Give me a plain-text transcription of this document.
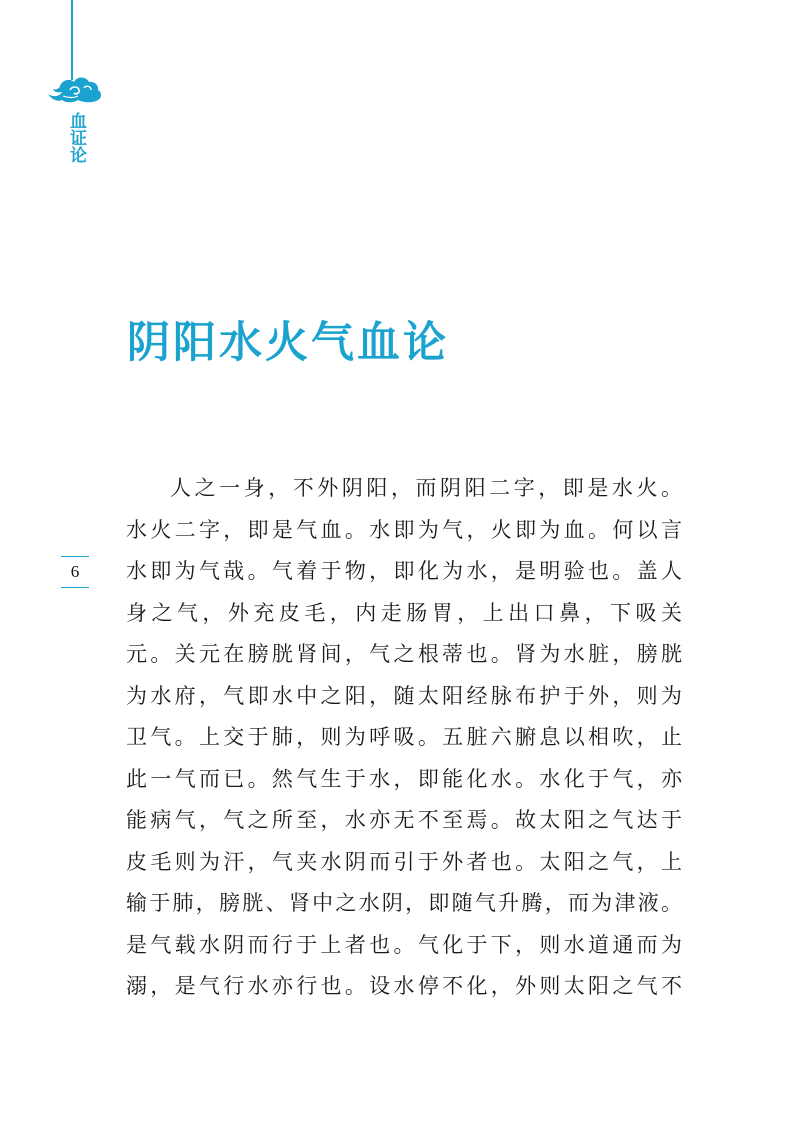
血证论
阴阳水火气血论
6
人之一身，不外阴阳，而阴阳二字，即是水火。
水火二字，即是气血。水即为气，火即为血。何以言
水即为气哉。气着于物，即化为水，是明验也。盖人
身之气，外充皮毛，内走肠胃，上出口鼻，下吸关
元。关元在膀胱肾间，气之根蒂也。肾为水脏，膀胱
为水府，气即水中之阳，随太阳经脉布护于外，则为
卫气。上交于肺，则为呼吸。五脏六腑息以相吹，止
此一气而已。然气生于水，即能化水。水化于气，亦
能病气，气之所至，水亦无不至焉。故太阳之气达于
皮毛则为汗，气夹水阴而引于外者也。太阳之气，上
输于肺，膀胱、肾中之水阴，即随气升腾，而为津液。
是气载水阴而行于上者也。气化于下，则水道通而为
溺，是气行水亦行也。设水停不化，外则太阳之气不
